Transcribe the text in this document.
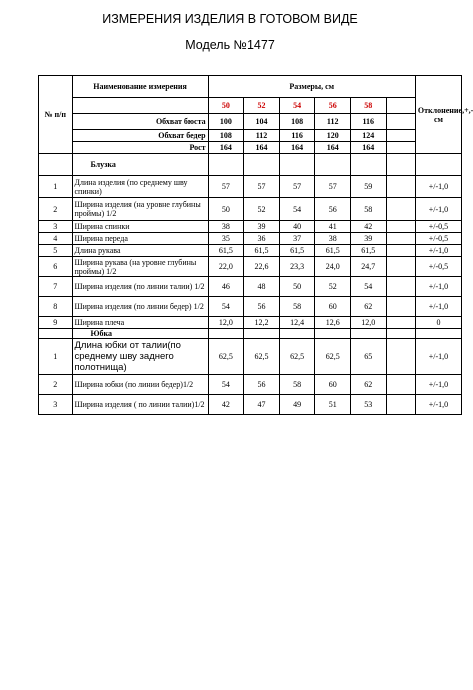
ИЗМЕРЕНИЯ ИЗДЕЛИЯ В ГОТОВОМ ВИДЕ
Модель №1477
№ п/п	Наименование измерения	Размеры, см						Отклонение,+,- см
		50	52	54	56	58		
	Обхват бюста	100	104	108	112	116		
	Обхват бедер	108	112	116	120	124		
	Рост	164	164	164	164	164		
	Блузка							
1	Длина изделия (по среднему шву спинки)	57	57	57	57	59		+/-1,0
2	Ширина изделия (на уровне глубины проймы) 1/2	50	52	54	56	58		+/-1,0
3	Ширина спинки	38	39	40	41	42		+/-0,5
4	Ширина переда	35	36	37	38	39		+/-0,5
5	Длина рукава	61,5	61,5	61,5	61,5	61,5		+/-1,0
6	Ширина рукава (на уровне глубины проймы) 1/2	22,0	22,6	23,3	24,0	24,7		+/-0,5
7	Ширина изделия (по линии талии) 1/2	46	48	50	52	54		+/-1,0
8	Ширина изделия (по линии бедер) 1/2	54	56	58	60	62		+/-1,0
9	Ширина плеча	12,0	12,2	12,4	12,6	12,0		0
	Юбка							
1	Длина юбки от талии(по среднему шву заднего полотнища)	62,5	62,5	62,5	62,5	65		+/-1,0
2	Ширина юбки (по линии бедер)1/2	54	56	58	60	62		+/-1,0
3	Ширина изделия ( по линии талии)1/2	42	47	49	51	53		+/-1,0
